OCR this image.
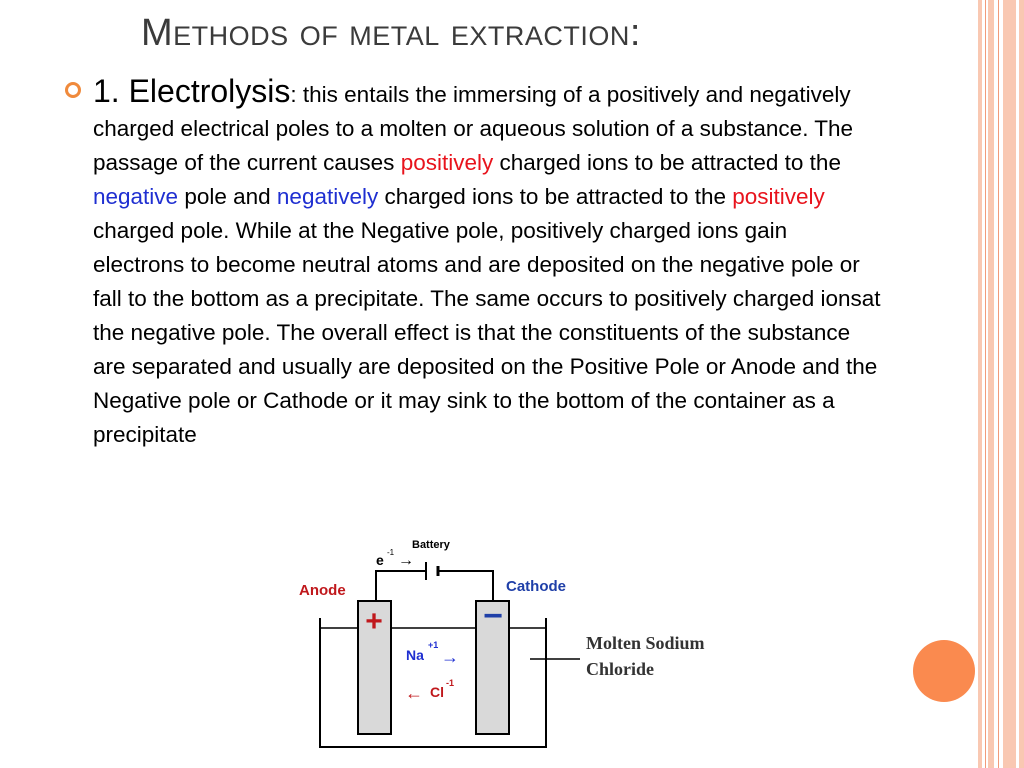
Methods of metal extraction:

1. Electrolysis: this entails the immersing of a positively and negatively charged electrical poles to a molten or aqueous solution of a substance. The passage of the current causes positively charged ions to be attracted to the negative pole and negatively charged ions to be attracted to the positively charged pole. While at the Negative pole, positively charged ions gain electrons to become neutral atoms and are deposited on the negative pole or fall to the bottom as a precipitate. The same occurs to positively charged ionsat the negative pole. The overall effect is that the constituents of the substance are separated and usually are deposited on the Positive Pole or Anode and the Negative pole or Cathode or it may sink to the bottom of the container as a precipitate

Battery
e -1 →
Anode	Cathode
+	−
Na
+1
→
← Cl
-1
Molten Sodium
Chloride
